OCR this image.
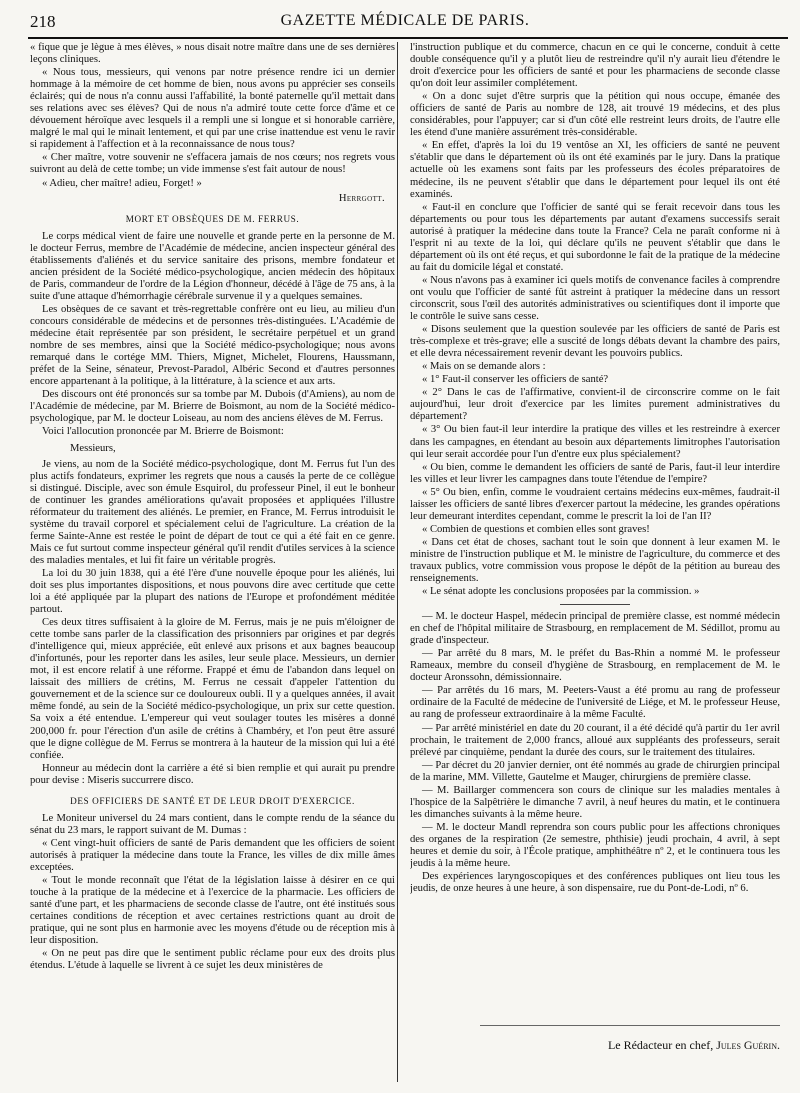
218	GAZETTE MÉDICALE DE PARIS.

« fique que je lègue à mes élèves, » nous disait notre maître dans une de ses dernières leçons cliniques.

« Nous tous, messieurs, qui venons par notre présence rendre ici un dernier hommage à la mémoire de cet homme de bien, nous avons pu apprécier ses conseils éclairés; qui de nous n'a connu aussi l'affabilité, la bonté paternelle qu'il mettait dans ses relations avec ses élèves? Qui de nous n'a admiré toute cette force d'âme et ce dévouement héroïque avec lesquels il a rempli une si longue et si honorable carrière, malgré le mal qui le minait lentement, et qui par une crise inattendue est venu le ravir si rapidement à l'affection et à la reconnaissance de nous tous?

« Cher maître, votre souvenir ne s'effacera jamais de nos cœurs; nos regrets vous suivront au delà de cette tombe; un vide immense s'est fait autour de nous!

« Adieu, cher maître! adieu, Forget! »

Herrgott.
MORT ET OBSÈQUES DE M. FERRUS.

Le corps médical vient de faire une nouvelle et grande perte en la personne de M. le docteur Ferrus, membre de l'Académie de médecine, ancien inspecteur général des établissements d'aliénés et du service sanitaire des prisons, membre fondateur et ancien président de la Société médico-psychologique, ancien médecin des hôpitaux de Paris, commandeur de l'ordre de la Légion d'honneur, décédé à l'âge de 75 ans, à la suite d'une attaque d'hémorrhagie cérébrale survenue il y a quelques semaines.

Les obsèques de ce savant et très-regrettable confrère ont eu lieu, au milieu d'un concours considérable de médecins et de personnes très-distinguées. L'Académie de médecine était représentée par son président, le secrétaire perpétuel et un grand nombre de ses membres, ainsi que la Société médico-psychologique; nous avons remarqué dans le cortége MM. Thiers, Mignet, Michelet, Flourens, Haussmann, préfet de la Seine, sénateur, Prevost-Paradol, Albéric Second et d'autres personnes encore appartenant à la politique, à la littérature, à la science et aux arts.

Des discours ont été prononcés sur sa tombe par M. Dubois (d'Amiens), au nom de l'Académie de médecine, par M. Brierre de Boismont, au nom de la Société médico-psychologique, par M. le docteur Loiseau, au nom des anciens élèves de M. Ferrus.

Voici l'allocution prononcée par M. Brierre de Boismont:

Messieurs,

Je viens, au nom de la Société médico-psychologique, dont M. Ferrus fut l'un des plus actifs fondateurs, exprimer les regrets que nous a causés la perte de ce collègue si distingué. Disciple, avec son émule Esquirol, du professeur Pinel, il eut le bonheur de continuer les grandes améliorations qu'avait proposées et appliquées l'illustre réformateur du traitement des aliénés. Le premier, en France, M. Ferrus introduisit le système du travail corporel et spécialement celui de l'agriculture. La création de la ferme Sainte-Anne est restée le point de départ de tout ce qui a été fait en ce genre. Mais ce fut surtout comme inspecteur général qu'il rendit d'utiles services à la science des maladies mentales, et lui fit faire un véritable progrès.

La loi du 30 juin 1838, qui a été l'ère d'une nouvelle époque pour les aliénés, lui doit ses plus importantes dispositions, et nous pouvons dire avec certitude que cette loi a été appliquée par la plupart des nations de l'Europe et profondément méditée partout.

Ces deux titres suffisaient à la gloire de M. Ferrus, mais je ne puis m'éloigner de cette tombe sans parler de la classification des prisonniers par origines et par degrés d'intelligence qui, mieux appréciée, eût enlevé aux prisons et aux bagnes beaucoup d'infortunés, pour les reporter dans les asiles, leur seule place. Messieurs, un dernier mot, il est encore relatif à une réforme. Frappé et ému de l'abandon dans lequel on laissait des milliers de crétins, M. Ferrus ne cessait d'appeler l'attention du gouvernement et de la science sur ce douloureux oubli. Il y a quelques années, il avait même fondé, au sein de la Société médico-psychologique, un prix sur cette question. Sa voix a été entendue. L'empereur qui veut soulager toutes les misères a donné 200,000 fr. pour l'érection d'un asile de crétins à Chambéry, et l'on peut être assuré que le digne collègue de M. Ferrus se montrera à la hauteur de la mission qui lui a été confiée.

Honneur au médecin dont la carrière a été si bien remplie et qui aurait pu prendre pour devise : Miseris succurrere disco.

DES OFFICIERS DE SANTÉ ET DE LEUR DROIT D'EXERCICE.

Le Moniteur universel du 24 mars contient, dans le compte rendu de la séance du sénat du 23 mars, le rapport suivant de M. Dumas :

« Cent vingt-huit officiers de santé de Paris demandent que les officiers de soient autorisés à pratiquer la médecine dans toute la France, les villes de dix mille âmes exceptées.

« Tout le monde reconnaît que l'état de la législation laisse à désirer en ce qui touche à la pratique de la médecine et à l'exercice de la pharmacie. Les officiers de santé d'une part, et les pharmaciens de seconde classe de l'autre, ont été institués sous certaines conditions de réception et avec certaines restrictions quant au droit de pratique, qui ne sont plus en harmonie avec les moyens d'étude ou de réception mis à leur disposition.

« On ne peut pas dire que le sentiment public réclame pour eux des droits plus étendus. L'étude à laquelle se livrent à ce sujet les deux ministères de

l'instruction publique et du commerce, chacun en ce qui le concerne, conduit à cette double conséquence qu'il y a plutôt lieu de restreindre qu'il n'y aurait lieu d'étendre le droit d'exercice pour les officiers de santé et pour les pharmaciens de seconde classe qu'on doit leur assimiler complétement.

« On a donc sujet d'être surpris que la pétition qui nous occupe, émanée des officiers de santé de Paris au nombre de 128, ait trouvé 19 médecins, et des plus considérables, pour l'appuyer; car si d'un côté elle restreint leurs droits, de l'autre elle les étend d'une manière assurément très-considérable.

« En effet, d'après la loi du 19 ventôse an XI, les officiers de santé ne peuvent s'établir que dans le département où ils ont été examinés par le jury. Dans la pratique actuelle où les examens sont faits par les professeurs des écoles préparatoires de médecine, ils ne peuvent s'établir que dans le département pour lequel ils ont été examinés.

« Faut-il en conclure que l'officier de santé qui se ferait recevoir dans tous les départements ou pour tous les départements par autant d'examens successifs serait autorisé à pratiquer la médecine dans toute la France? Cela ne paraît conforme ni à l'esprit ni au texte de la loi, qui déclare qu'ils ne peuvent s'établir que dans le département où ils ont été reçus, et qui subordonne le fait de la pratique de la médecine au fait du domicile légal et constaté.

« Nous n'avons pas à examiner ici quels motifs de convenance faciles à comprendre ont voulu que l'officier de santé fût astreint à pratiquer la médecine dans un ressort circonscrit, sous l'œil des autorités administratives ou scientifiques dont il importe que le contrôle le suive sans cesse.

« Disons seulement que la question soulevée par les officiers de santé de Paris est très-complexe et très-grave; elle a suscité de longs débats devant la chambre des pairs, et elle devra nécessairement revenir devant les pouvoirs publics.

« Mais on se demande alors :

« 1° Faut-il conserver les officiers de santé?

« 2° Dans le cas de l'affirmative, convient-il de circonscrire comme on le fait aujourd'hui, leur droit d'exercice par les limites purement administratives du département?

« 3° Ou bien faut-il leur interdire la pratique des villes et les restreindre à exercer dans les campagnes, en étendant au besoin aux départements limitrophes l'autorisation qui leur serait accordée pour l'un d'entre eux plus spécialement?

« Ou bien, comme le demandent les officiers de santé de Paris, faut-il leur interdire les villes et leur livrer les campagnes dans toute l'étendue de l'empire?

« 5° Ou bien, enfin, comme le voudraient certains médecins eux-mêmes, faudrait-il laisser les officiers de santé libres d'exercer partout la médecine, les grandes opérations leur demeurant interdites cependant, comme le prescrit la loi de l'an II?

« Combien de questions et combien elles sont graves!

« Dans cet état de choses, sachant tout le soin que donnent à leur examen M. le ministre de l'instruction publique et M. le ministre de l'agriculture, du commerce et des travaux publics, votre commission vous propose le dépôt de la pétition au bureau des renseignements.

« Le sénat adopte les conclusions proposées par la commission. »

— M. le docteur Haspel, médecin principal de première classe, est nommé médecin en chef de l'hôpital militaire de Strasbourg, en remplacement de M. Sédillot, promu au grade d'inspecteur.

— Par arrêté du 8 mars, M. le préfet du Bas-Rhin a nommé M. le professeur Rameaux, membre du conseil d'hygiène de Strasbourg, en remplacement de M. le docteur Aronssohn, démissionnaire.

— Par arrêtés du 16 mars, M. Peeters-Vaust a été promu au rang de professeur ordinaire de la Faculté de médecine de l'université de Liége, et M. le professeur Heuse, au rang de professeur extraordinaire à la même Faculté.

— Par arrêté ministériel en date du 20 courant, il a été décidé qu'à partir du 1er avril prochain, le traitement de 2,000 francs, alloué aux suppléants des professeurs, serait prélevé par cinquième, pendant la durée des cours, sur le traitement des titulaires.

— Par décret du 20 janvier dernier, ont été nommés au grade de chirurgien principal de la marine, MM. Villette, Gautelme et Mauger, chirurgiens de première classe.

— M. Baillarger commencera son cours de clinique sur les maladies mentales à l'hospice de la Salpêtrière le dimanche 7 avril, à neuf heures du matin, et le continuera les dimanches suivants à la même heure.

— M. le docteur Mandl reprendra son cours public pour les affections chroniques des organes de la respiration (2e semestre, phthisie) jeudi prochain, 4 avril, à sept heures et demie du soir, à l'École pratique, amphithéâtre nº 2, et le continuera tous les jeudis à la même heure.

Des expériences laryngoscopiques et des conférences publiques ont lieu tous les jeudis, de onze heures à une heure, à son dispensaire, rue du Pont-de-Lodi, nº 6.

Le Rédacteur en chef, Jules Guérin.
